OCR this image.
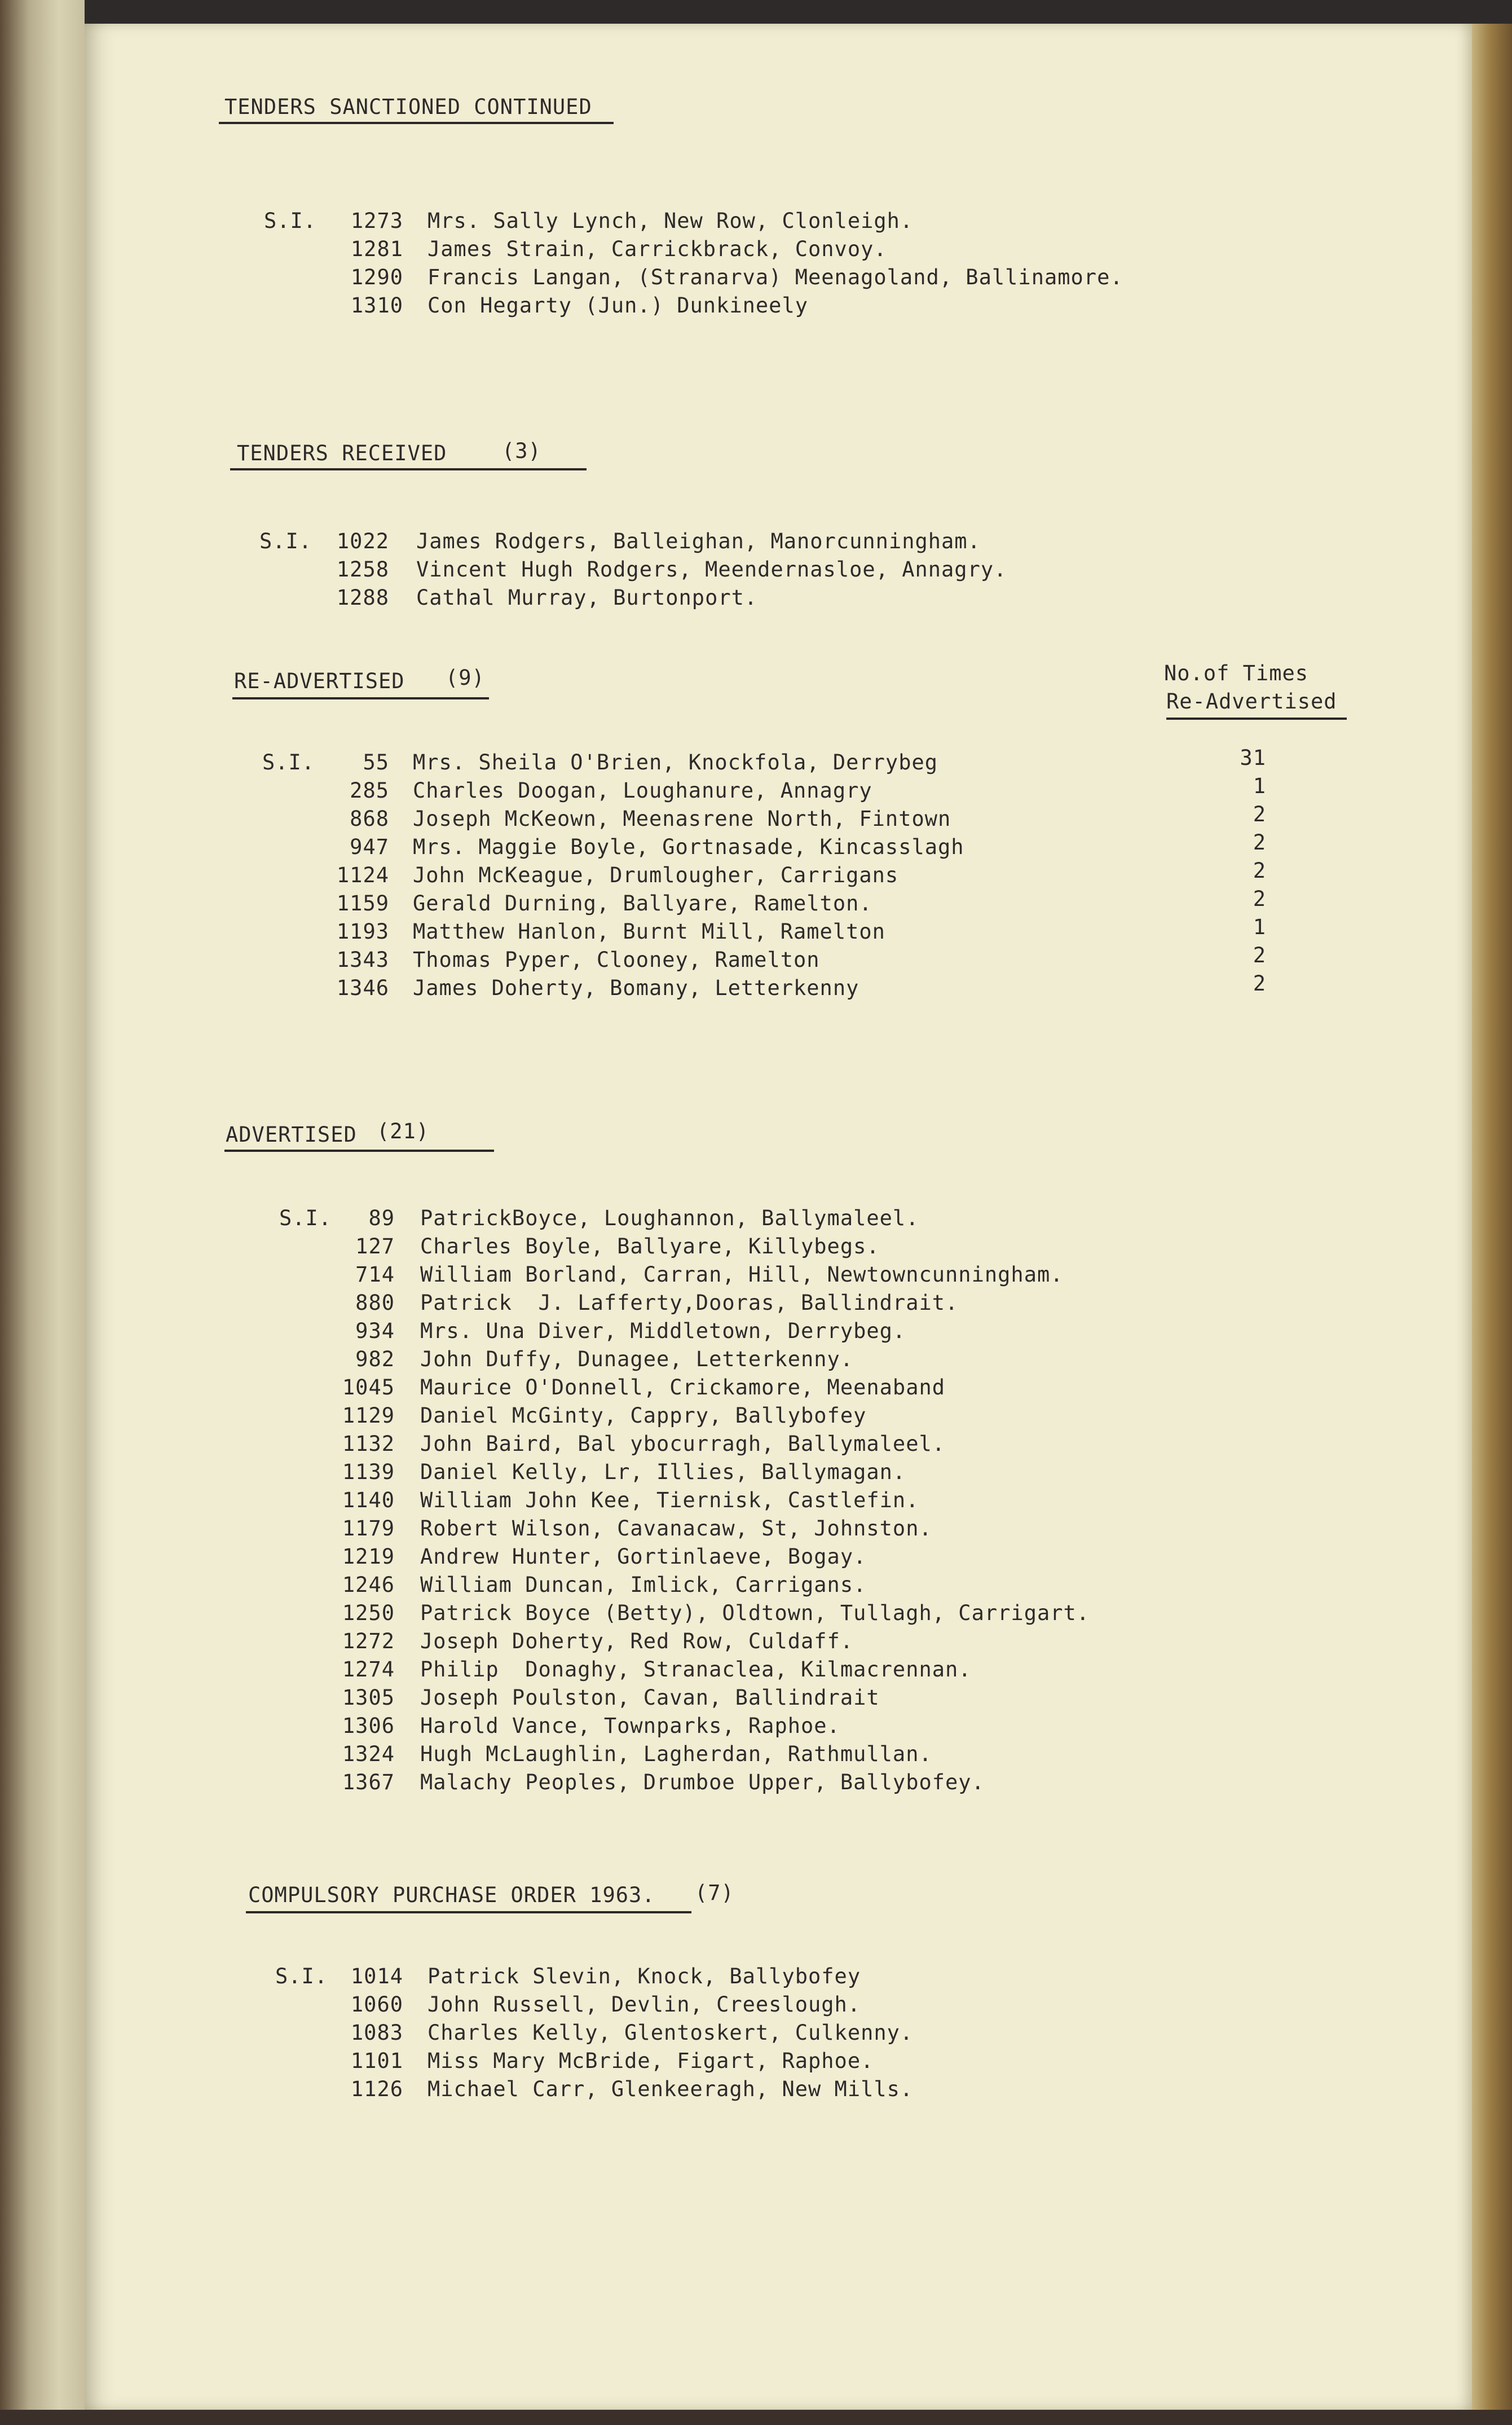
TENDERS SANCTIONED CONTINUED
S.I.	1273 Mrs. Sally Lynch, New Row, Clonleigh.
1281 James Strain, Carrickbrack, Convoy.
1290 Francis Langan, (Stranarva) Meenagoland, Ballinamore.
1310 Con Hegarty (Jun.) Dunkineely
TENDERS RECEIVED	(3)
S.I.	1022 James Rodgers, Balleighan, Manorcunningham.
1258 Vincent Hugh Rodgers, Meendernasloe, Annagry.
1288 Cathal Murray, Burtonport.
RE-ADVERTISED (9)	No.of Times
Re-Advertised
S.I.	55 Mrs. Sheila O'Brien, Knockfola, Derrybeg	31
285 Charles Doogan, Loughanure, Annagry	1
868 Joseph McKeown, Meenasrene North, Fintown	2
947 Mrs. Maggie Boyle, Gortnasade, Kincasslagh	2
1124 John McKeague, Drumlougher, Carrigans	2
1159 Gerald Durning, Ballyare, Ramelton.	2
1193 Matthew Hanlon, Burnt Mill, Ramelton	1
1343 Thomas Pyper, Clooney, Ramelton	2
1346 James Doherty, Bomany, Letterkenny	2
ADVERTISED (21)
S.I.	89 PatrickBoyce, Loughannon, Ballymaleel.
127 Charles Boyle, Ballyare, Killybegs.
714 William Borland, Carran, Hill, Newtowncunningham.
880 Patrick  J. Lafferty,Dooras, Ballindrait.
934 Mrs. Una Diver, Middletown, Derrybeg.
982 John Duffy, Dunagee, Letterkenny.
1045 Maurice O'Donnell, Crickamore, Meenaband
1129 Daniel McGinty, Cappry, Ballybofey
1132 John Baird, Bal ybocurragh, Ballymaleel.
1139 Daniel Kelly, Lr, Illies, Ballymagan.
1140 William John Kee, Tiernisk, Castlefin.
1179 Robert Wilson, Cavanacaw, St, Johnston.
1219 Andrew Hunter, Gortinlaeve, Bogay.
1246 William Duncan, Imlick, Carrigans.
1250 Patrick Boyce (Betty), Oldtown, Tullagh, Carrigart.
1272 Joseph Doherty, Red Row, Culdaff.
1274 Philip  Donaghy, Stranaclea, Kilmacrennan.
1305 Joseph Poulston, Cavan, Ballindrait
1306 Harold Vance, Townparks, Raphoe.
1324 Hugh McLaughlin, Lagherdan, Rathmullan.
1367 Malachy Peoples, Drumboe Upper, Ballybofey.
COMPULSORY PURCHASE ORDER 1963. (7)
S.I.	1014 Patrick Slevin, Knock, Ballybofey
1060 John Russell, Devlin, Creeslough.
1083 Charles Kelly, Glentoskert, Culkenny.
1101 Miss Mary McBride, Figart, Raphoe.
1126 Michael Carr, Glenkeeragh, New Mills.
